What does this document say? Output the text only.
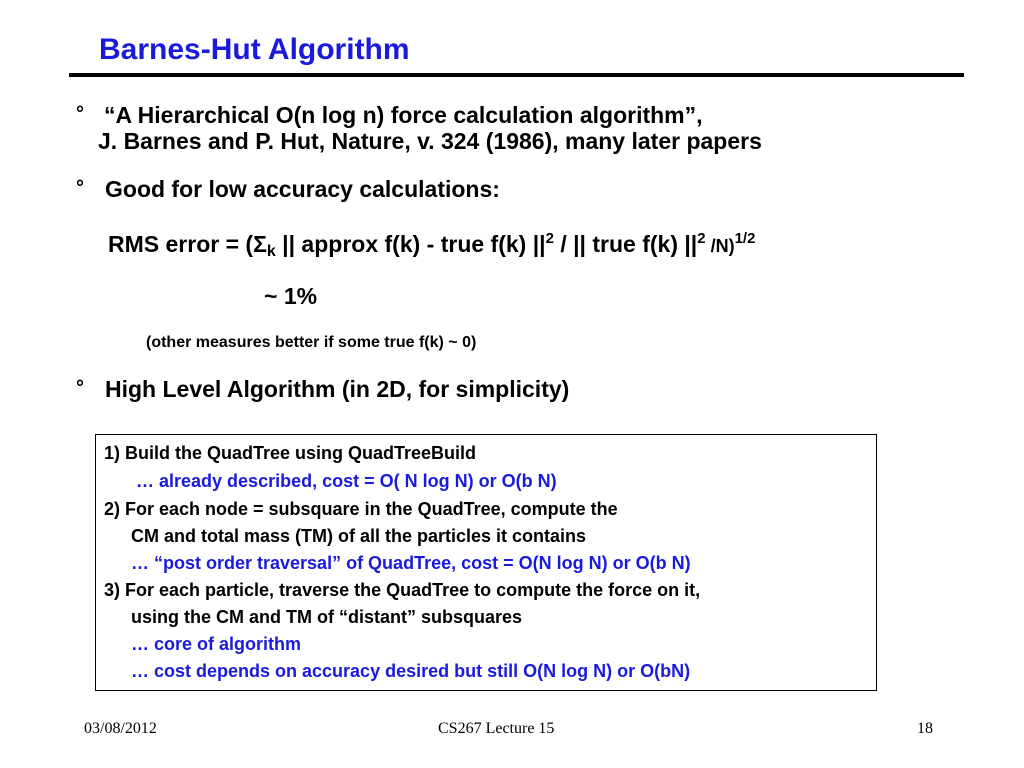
Barnes-Hut Algorithm
° “A Hierarchical O(n log n) force calculation algorithm”,
J. Barnes and P. Hut, Nature, v. 324 (1986), many later papers
° Good for low accuracy calculations:
RMS error = (Σk || approx f(k) - true f(k) $||^2$ / || true f(k) $||^2$ /N)$^{1/2}$
~ 1%
(other measures better if some true f(k) ~ 0)
° High Level Algorithm (in 2D, for simplicity)
1) Build the QuadTree using QuadTreeBuild
… already described, cost = O( N log N) or O(b N)
2) For each node = subsquare in the QuadTree, compute the
CM and total mass (TM) of all the particles it contains
… “post order traversal” of QuadTree, cost = O(N log N) or O(b N)
3) For each particle, traverse the QuadTree to compute the force on it,
using the CM and TM of “distant” subsquares
… core of algorithm
… cost depends on accuracy desired but still O(N log N) or O(bN)
03/08/2012	CS267 Lecture 15	18
